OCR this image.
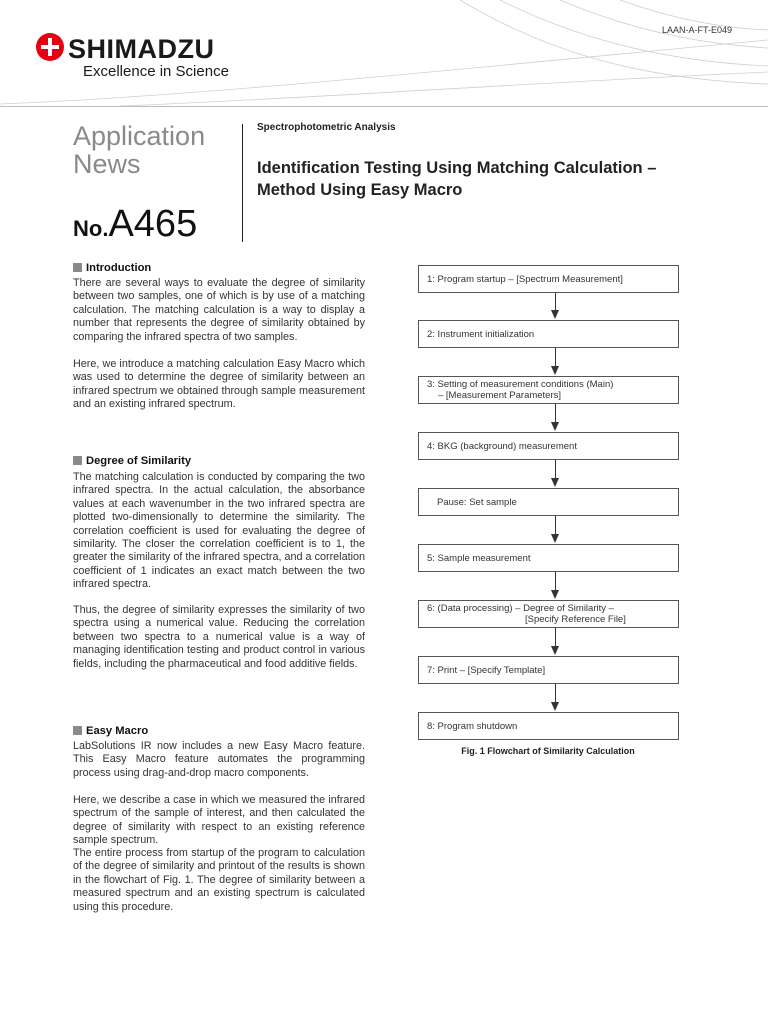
SHIMADZU
Excellence in Science
LAAN-A-FT-E049
Application
News
No.A465
Spectrophotometric Analysis
Identification Testing Using Matching Calculation –
Method Using Easy Macro
Introduction
There are several ways to evaluate the degree of similarity between two samples, one of which is by use of a matching calculation. The matching calculation is a way to display a number that represents the degree of similarity obtained by comparing the infrared spectra of two samples.
Here, we introduce a matching calculation Easy Macro which was used to determine the degree of similarity between an infrared spectrum we obtained through sample measurement and an existing infrared spectrum.
Degree of Similarity
The matching calculation is conducted by comparing the two infrared spectra. In the actual calculation, the absorbance values at each wavenumber in the two infrared spectra are plotted two-dimensionally to determine the similarity. The correlation coefficient is used for evaluating the degree of similarity. The closer the correlation coefficient is to 1, the greater the similarity of the infrared spectra, and a correlation coefficient of 1 indicates an exact match between the two infrared spectra.
Thus, the degree of similarity expresses the similarity of two spectra using a numerical value. Reducing the correlation between two spectra to a numerical value is a way of managing identification testing and product control in various fields, including the pharmaceutical and food additive fields.
Easy Macro
LabSolutions IR now includes a new Easy Macro feature. This Easy Macro feature automates the programming process using drag-and-drop macro components.
Here, we describe a case in which we measured the infrared spectrum of the sample of interest, and then calculated the degree of similarity with respect to an existing reference sample spectrum.
The entire process from startup of the program to calculation of the degree of similarity and printout of the results is shown in the flowchart of Fig. 1. The degree of similarity between a measured spectrum and an existing spectrum is calculated using this procedure.
1: Program startup – [Spectrum Measurement]
2: Instrument initialization
3: Setting of measurement conditions (Main)
– [Measurement Parameters]
4: BKG (background) measurement
Pause: Set sample
5: Sample measurement
6: (Data processing) – Degree of Similarity –
[Specify Reference File]
7: Print – [Specify Template]
8: Program shutdown
Fig. 1 Flowchart of Similarity Calculation
